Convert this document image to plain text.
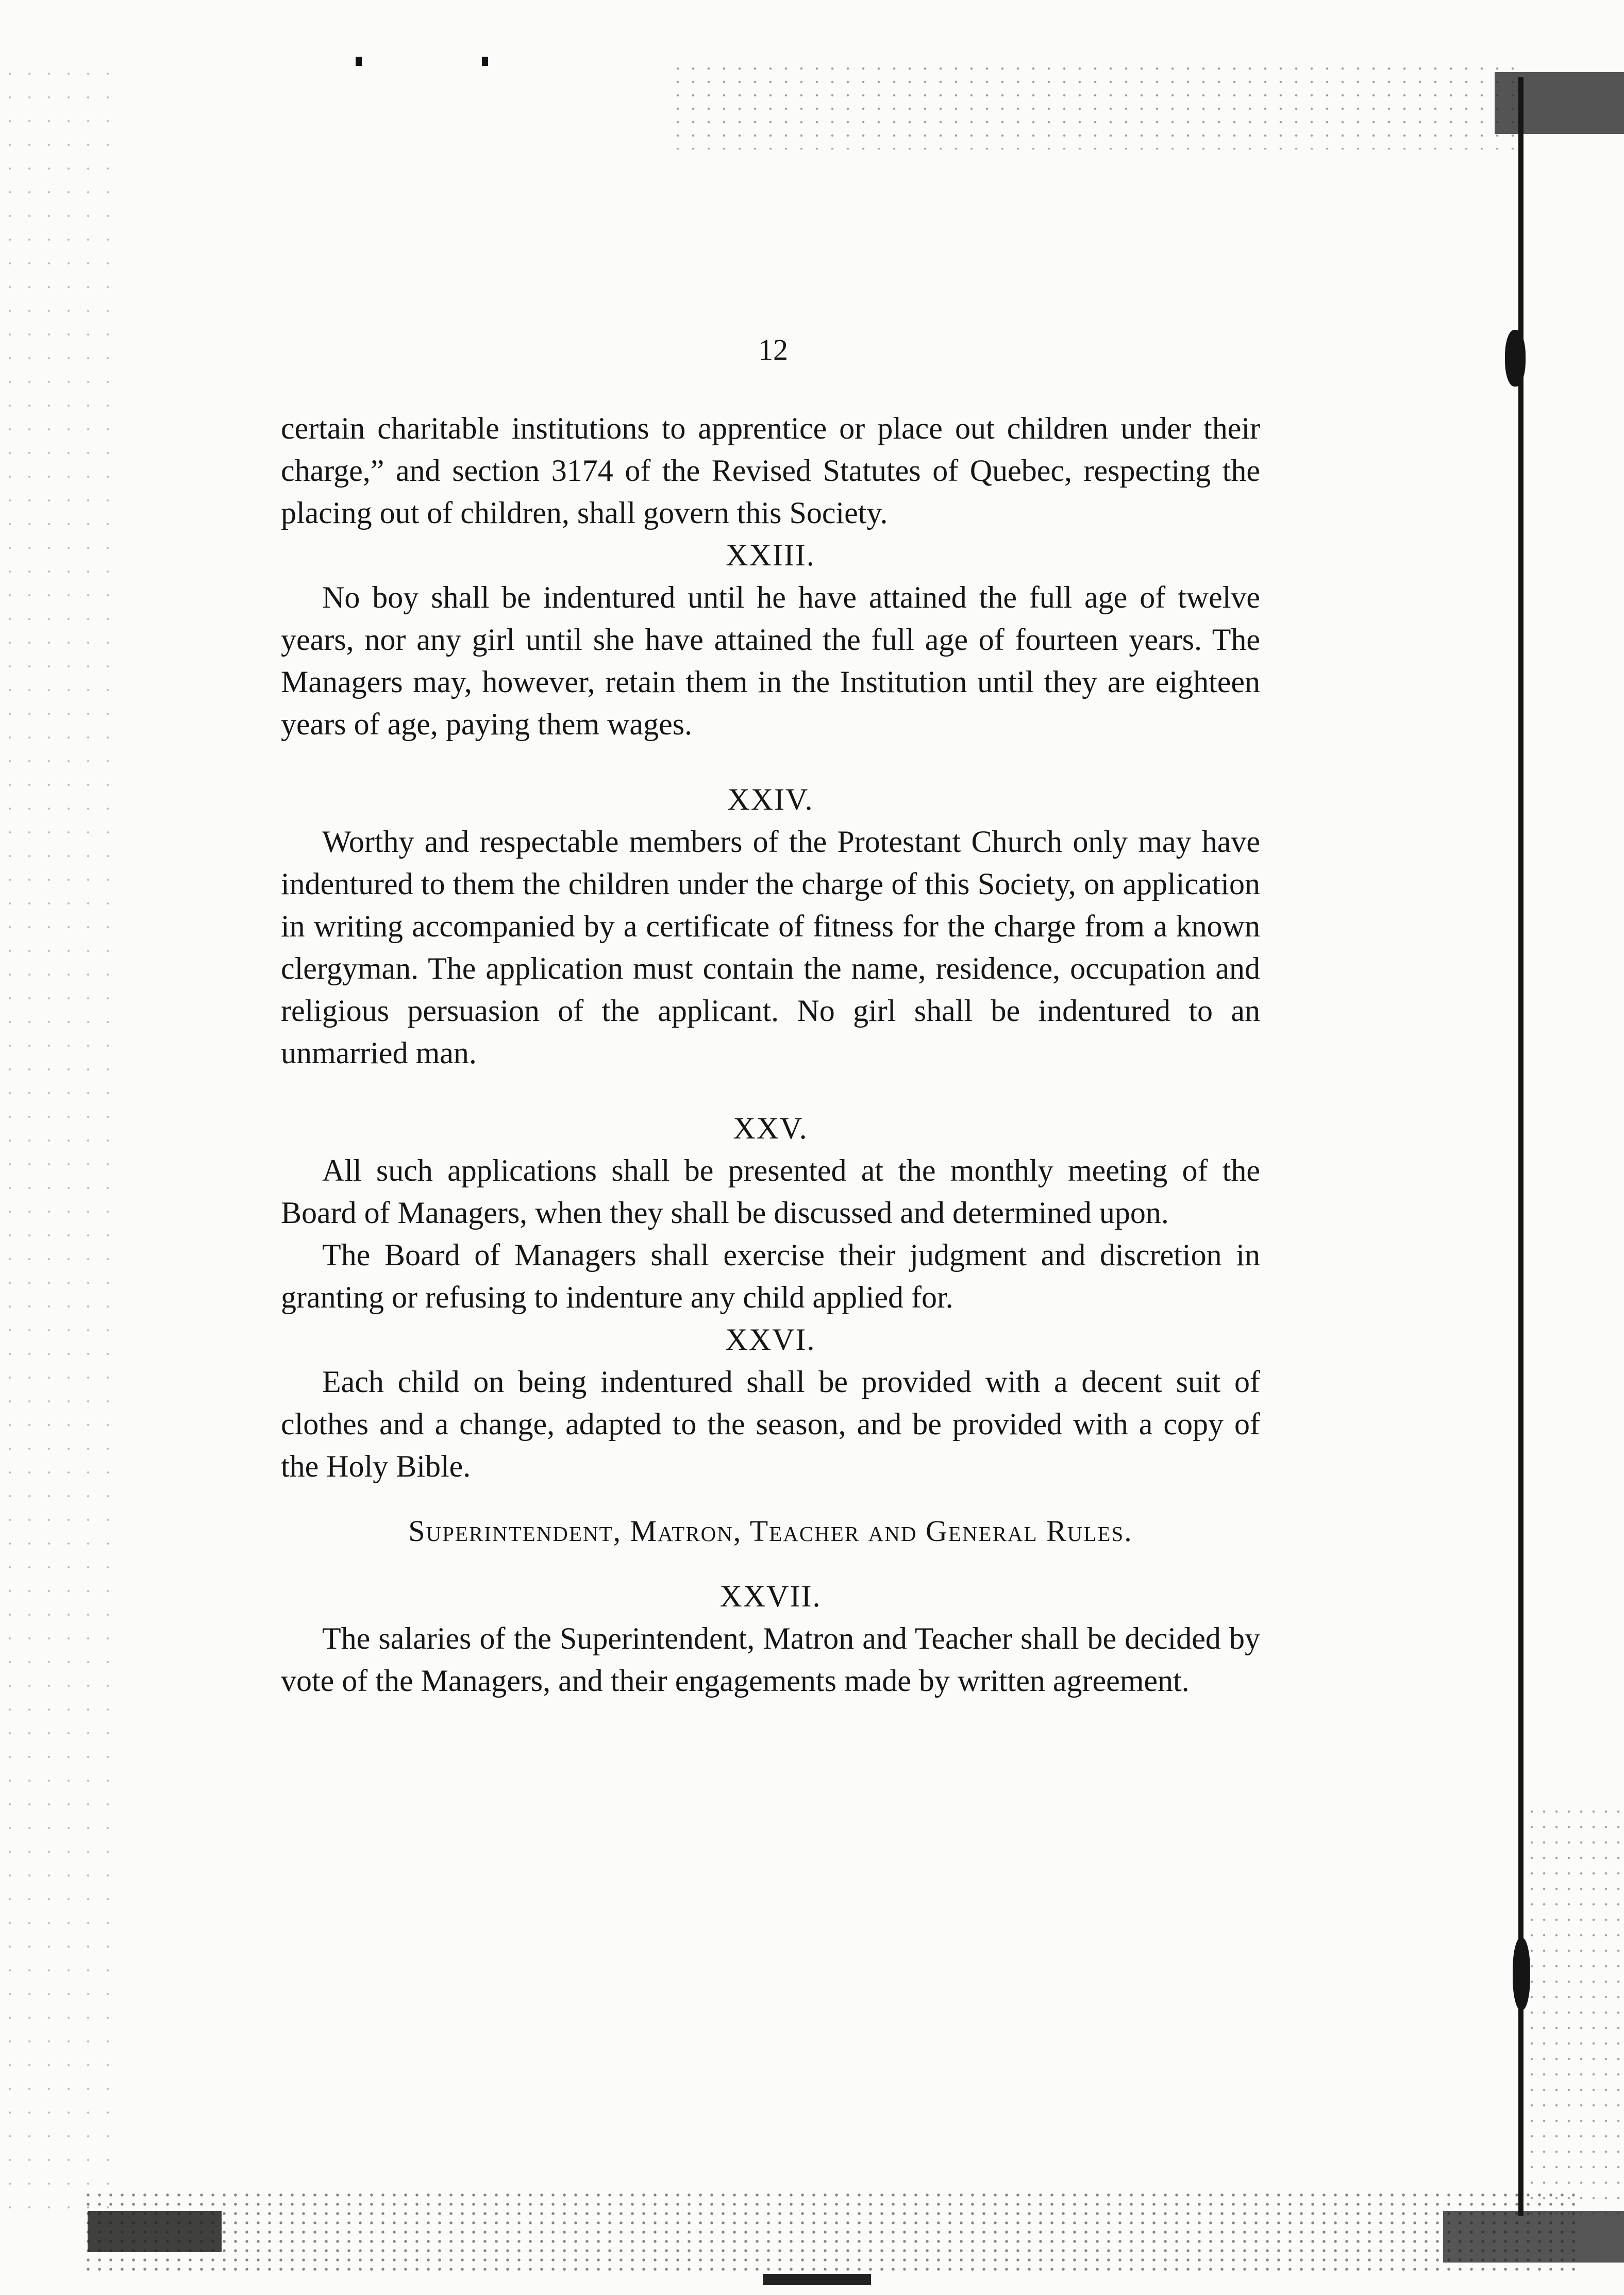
12

certain charitable institutions to apprentice or place out children under their charge,” and section 3174 of the Revised Statutes of Quebec, respecting the placing out of children, shall govern this Society.

XXIII.

No boy shall be indentured until he have attained the full age of twelve years, nor any girl until she have attained the full age of fourteen years. The Managers may, however, retain them in the Institution until they are eighteen years of age, paying them wages.

XXIV.

Worthy and respectable members of the Protestant Church only may have indentured to them the children under the charge of this Society, on application in writing accompanied by a certificate of fitness for the charge from a known clergyman. The application must contain the name, residence, occupation and religious persuasion of the applicant. No girl shall be indentured to an unmarried man.

XXV.

All such applications shall be presented at the monthly meeting of the Board of Managers, when they shall be discussed and determined upon.

The Board of Managers shall exercise their judgment and discretion in granting or refusing to indenture any child applied for.

XXVI.

Each child on being indentured shall be provided with a decent suit of clothes and a change, adapted to the season, and be provided with a copy of the Holy Bible.

Superintendent, Matron, Teacher and General Rules.

XXVII.

The salaries of the Superintendent, Matron and Teacher shall be decided by vote of the Managers, and their engagements made by written agreement.
